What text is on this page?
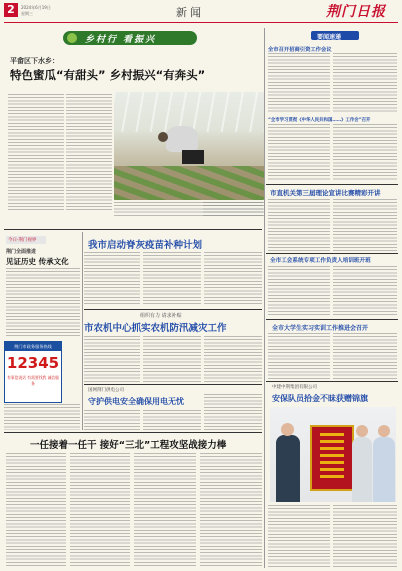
2	2024年6月19日
星期三	新闻	荆门日报
乡村行 看振兴
平畲区下水乡：
特色蜜瓜“有甜头” 乡村振兴“有奔头”
要闻速递
全市召开招商引资工作会议
“全市学习贯彻《中华人民共和国……》工作会”召开
市直机关第三届理论宣讲比赛精彩开讲
全市工会系统专项工作负责人培训班开班
全市大学生实习实训工作推进会召开
今日·荆门视界
荆门全面推进
见证历史 传承文化
荆门市政务服务热线
12345
有事您说话 有需要找我 诚信服务
我市启动脊灰疫苗补种计划
组织有力 请求补贴
市农机中心抓实农机防汛减灾工作
国网荆门供电公司
守护供电安全确保用电无忧
中建中荆集团有限公司
安保队员拾金不昧获赠锦旗
一任接着一任干 接好“三北”工程攻坚战接力棒
